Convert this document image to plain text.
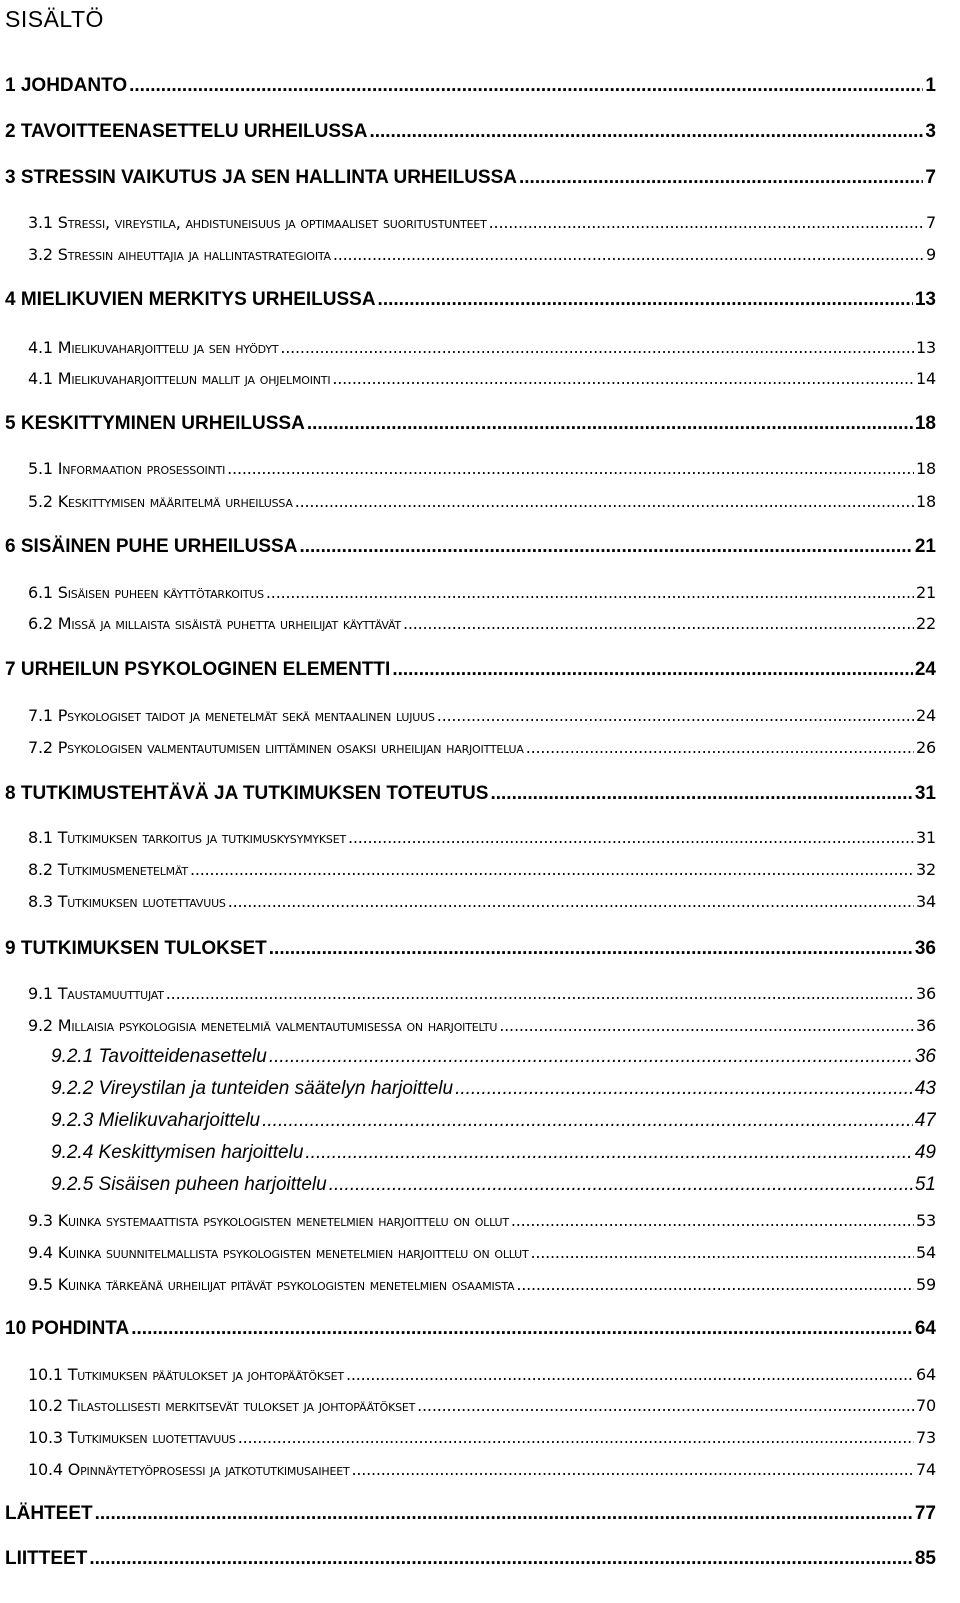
SISÄLTÖ
1 JOHDANTO .....	1
2 TAVOITTEENASETTELU URHEILUSSA .....	3
3 STRESSIN VAIKUTUS JA SEN HALLINTA URHEILUSSA .....	7
3.1 Stressi, vireystila, ahdistuneisuus ja optimaaliset suoritustunteet .....	7
3.2 Stressin aiheuttajia ja hallintastrategioita .....	9
4 MIELIKUVIEN MERKITYS URHEILUSSA .....	13
4.1 Mielikuvaharjoittelu ja sen hyödyt .....	13
4.1 Mielikuvaharjoittelun mallit ja ohjelmointi .....	14
5 KESKITTYMINEN URHEILUSSA .....	18
5.1 Informaation prosessointi .....	18
5.2 Keskittymisen määritelmä urheilussa .....	18
6 SISÄINEN PUHE URHEILUSSA .....	21
6.1 Sisäisen puheen käyttötarkoitus .....	21
6.2 Missä ja millaista sisäistä puhetta urheilijat käyttävät .....	22
7 URHEILUN PSYKOLOGINEN ELEMENTTI .....	24
7.1 Psykologiset taidot ja menetelmät sekä mentaalinen lujuus .....	24
7.2 Psykologisen valmentautumisen liittäminen osaksi urheilijan harjoittelua .....	26
8 TUTKIMUSTEHTÄVÄ JA TUTKIMUKSEN TOTEUTUS .....	31
8.1 Tutkimuksen tarkoitus ja tutkimuskysymykset .....	31
8.2 Tutkimusmenetelmät .....	32
8.3 Tutkimuksen luotettavuus .....	34
9 TUTKIMUKSEN TULOKSET .....	36
9.1 Taustamuuttujat .....	36
9.2 Millaisia psykologisia menetelmiä valmentautumisessa on harjoiteltu .....	36
9.2.1 Tavoitteidenasettelu .....	36
9.2.2 Vireystilan ja tunteiden säätelyn harjoittelu .....	43
9.2.3 Mielikuvaharjoittelu .....	47
9.2.4 Keskittymisen harjoittelu .....	49
9.2.5 Sisäisen puheen harjoittelu .....	51
9.3 Kuinka systemaattista psykologisten menetelmien harjoittelu on ollut .....	53
9.4 Kuinka suunnitelmallista psykologisten menetelmien harjoittelu on ollut .....	54
9.5 Kuinka tärkeänä urheilijat pitävät psykologisten menetelmien osaamista .....	59
10 POHDINTA .....	64
10.1 Tutkimuksen päätulokset ja johtopäätökset .....	64
10.2 Tilastollisesti merkitsevät tulokset ja johtopäätökset .....	70
10.3 Tutkimuksen luotettavuus .....	73
10.4 Opinnäytetyöprosessi ja jatkotutkimusaiheet .....	74
LÄHTEET .....	77
LIITTEET .....	85
